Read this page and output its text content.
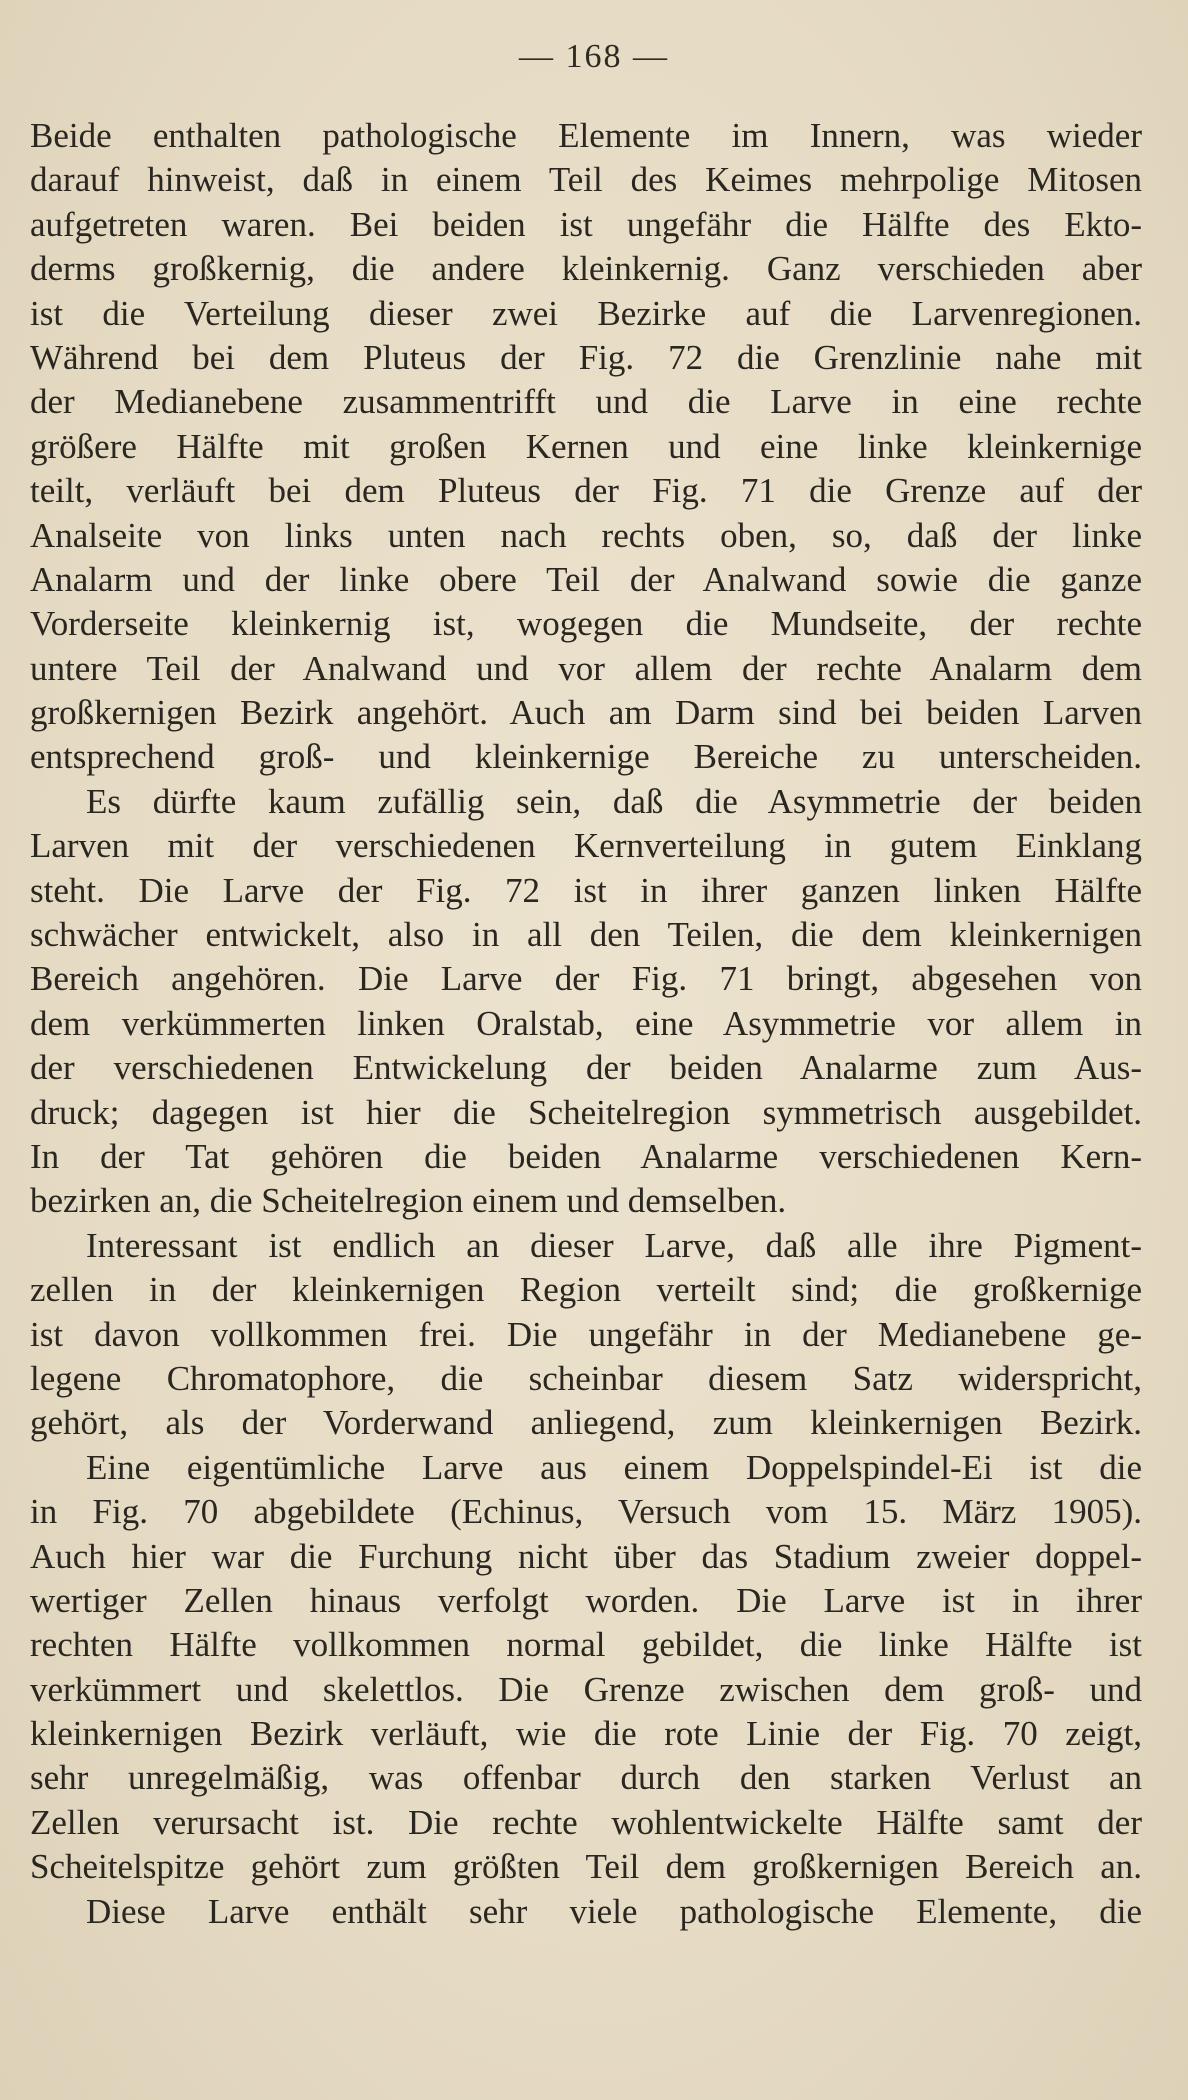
— 168 —
Beide enthalten pathologische Elemente im Innern, was wieder
darauf hinweist, daß in einem Teil des Keimes mehrpolige Mitosen
aufgetreten waren. Bei beiden ist ungefähr die Hälfte des Ekto-
derms großkernig, die andere kleinkernig. Ganz verschieden aber
ist die Verteilung dieser zwei Bezirke auf die Larvenregionen.
Während bei dem Pluteus der Fig. 72 die Grenzlinie nahe mit
der Medianebene zusammentrifft und die Larve in eine rechte
größere Hälfte mit großen Kernen und eine linke kleinkernige
teilt, verläuft bei dem Pluteus der Fig. 71 die Grenze auf der
Analseite von links unten nach rechts oben, so, daß der linke
Analarm und der linke obere Teil der Analwand sowie die ganze
Vorderseite kleinkernig ist, wogegen die Mundseite, der rechte
untere Teil der Analwand und vor allem der rechte Analarm dem
großkernigen Bezirk angehört. Auch am Darm sind bei beiden Larven
entsprechend groß- und kleinkernige Bereiche zu unterscheiden.
Es dürfte kaum zufällig sein, daß die Asymmetrie der beiden
Larven mit der verschiedenen Kernverteilung in gutem Einklang
steht. Die Larve der Fig. 72 ist in ihrer ganzen linken Hälfte
schwächer entwickelt, also in all den Teilen, die dem kleinkernigen
Bereich angehören. Die Larve der Fig. 71 bringt, abgesehen von
dem verkümmerten linken Oralstab, eine Asymmetrie vor allem in
der verschiedenen Entwickelung der beiden Analarme zum Aus-
druck; dagegen ist hier die Scheitelregion symmetrisch ausgebildet.
In der Tat gehören die beiden Analarme verschiedenen Kern-
bezirken an, die Scheitelregion einem und demselben.
Interessant ist endlich an dieser Larve, daß alle ihre Pigment-
zellen in der kleinkernigen Region verteilt sind; die großkernige
ist davon vollkommen frei. Die ungefähr in der Medianebene ge-
legene Chromatophore, die scheinbar diesem Satz widerspricht,
gehört, als der Vorderwand anliegend, zum kleinkernigen Bezirk.
Eine eigentümliche Larve aus einem Doppelspindel-Ei ist die
in Fig. 70 abgebildete (Echinus, Versuch vom 15. März 1905).
Auch hier war die Furchung nicht über das Stadium zweier doppel-
wertiger Zellen hinaus verfolgt worden. Die Larve ist in ihrer
rechten Hälfte vollkommen normal gebildet, die linke Hälfte ist
verkümmert und skelettlos. Die Grenze zwischen dem groß- und
kleinkernigen Bezirk verläuft, wie die rote Linie der Fig. 70 zeigt,
sehr unregelmäßig, was offenbar durch den starken Verlust an
Zellen verursacht ist. Die rechte wohlentwickelte Hälfte samt der
Scheitelspitze gehört zum größten Teil dem großkernigen Bereich an.
Diese Larve enthält sehr viele pathologische Elemente, die
